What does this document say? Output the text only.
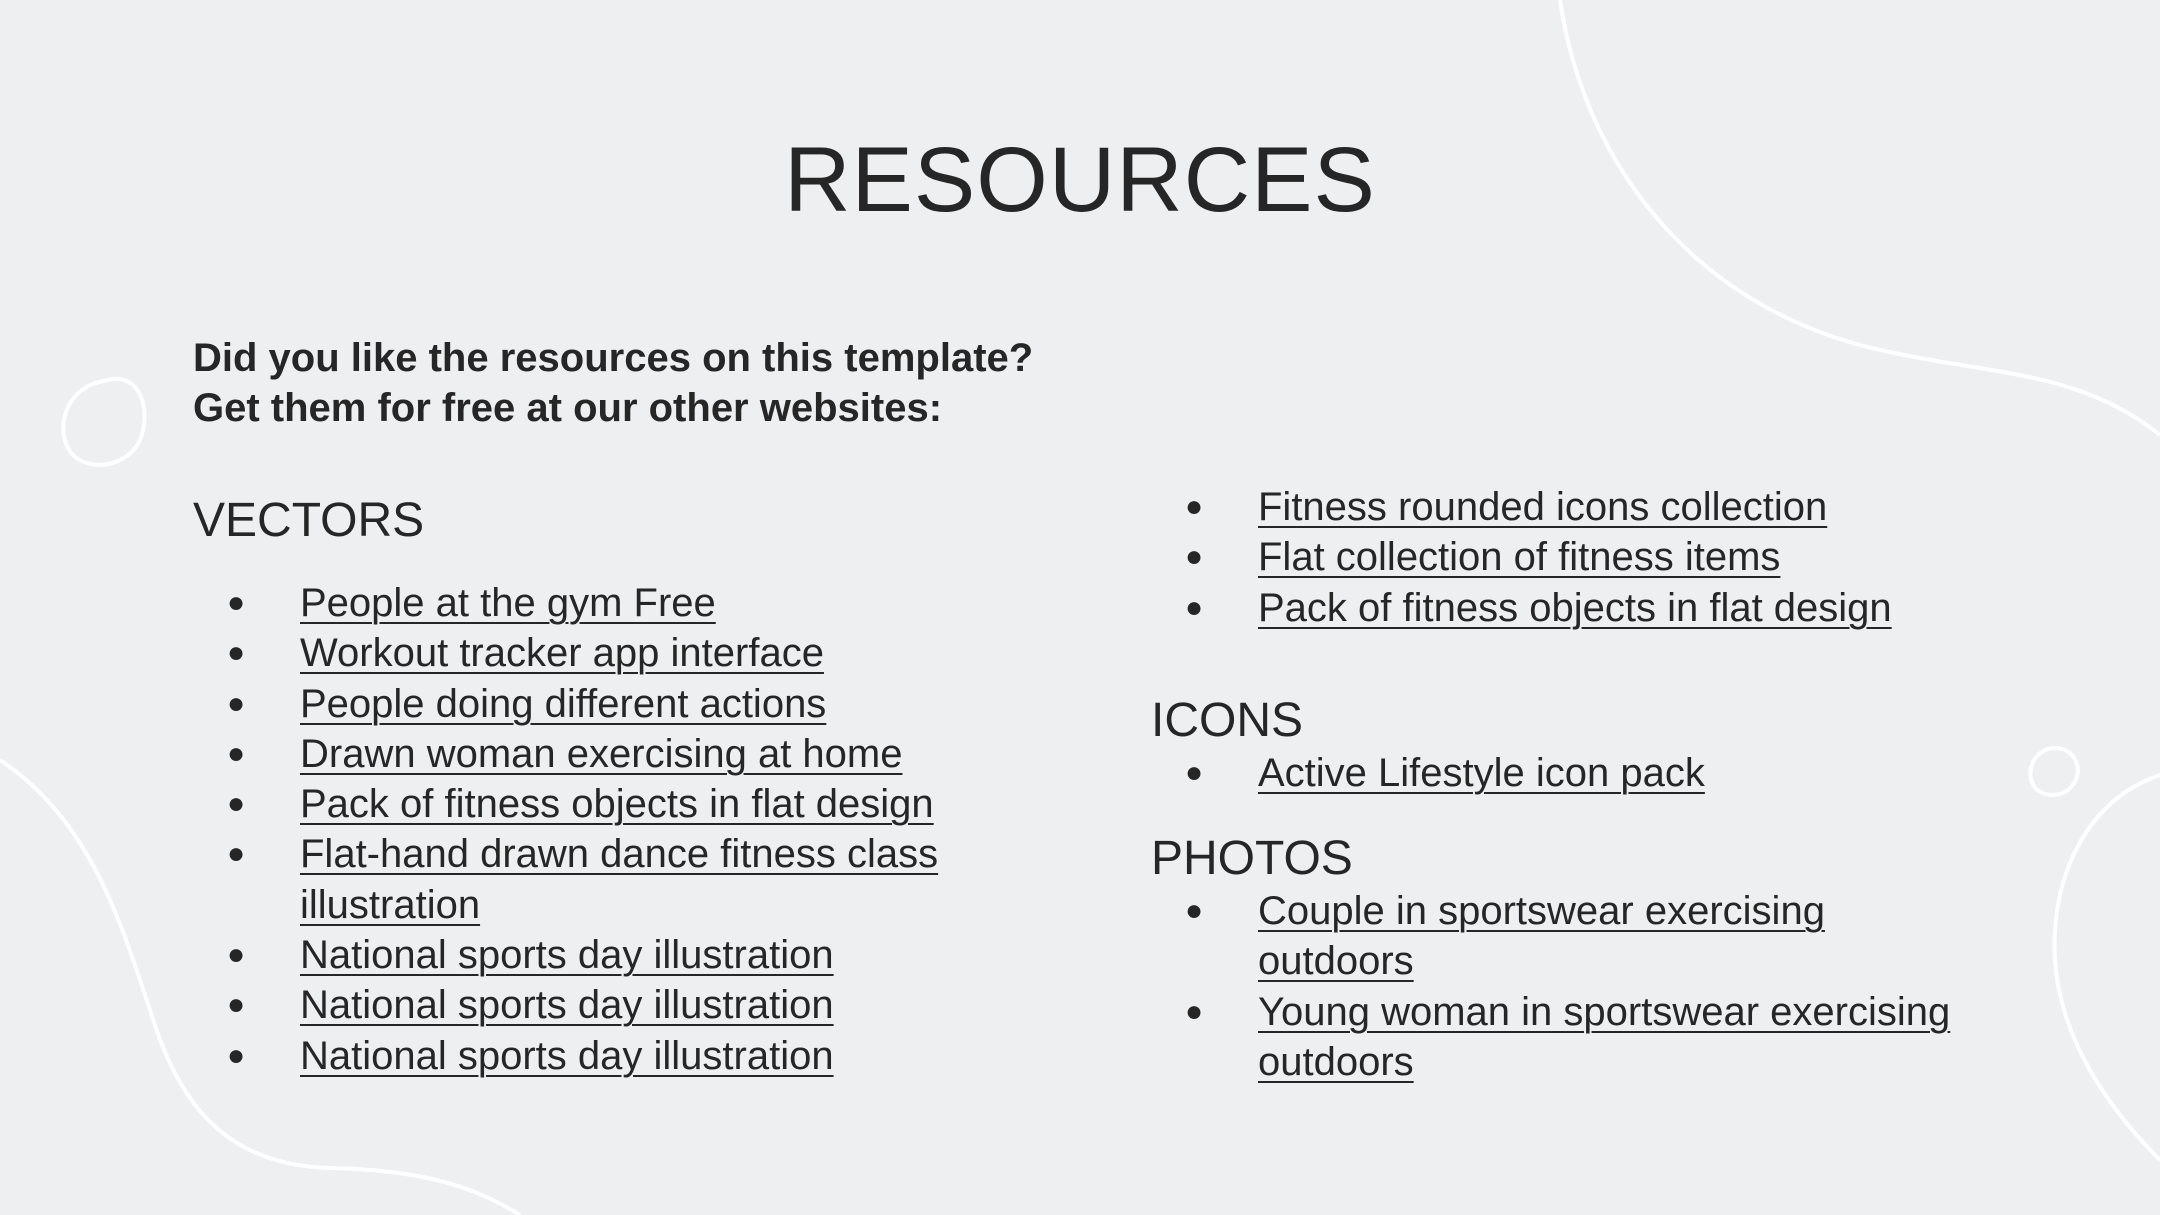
RESOURCES

Did you like the resources on this template?
Get them for free at our other websites:

VECTORS
● People at the gym Free
● Workout tracker app interface
● People doing different actions
● Drawn woman exercising at home
● Pack of fitness objects in flat design
● Flat-hand drawn dance fitness class illustration
● National sports day illustration
● National sports day illustration
● National sports day illustration
● Fitness rounded icons collection
● Flat collection of fitness items
● Pack of fitness objects in flat design
ICONS
● Active Lifestyle icon pack
PHOTOS
● Couple in sportswear exercising outdoors
● Young woman in sportswear exercising outdoors
